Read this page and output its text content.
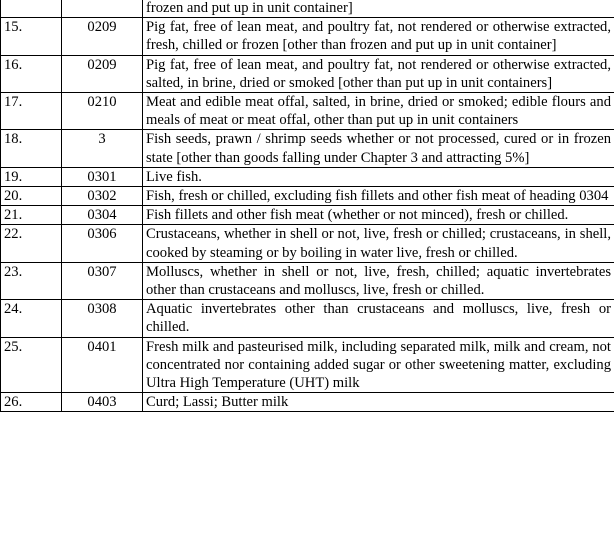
		frozen and put up in unit container]
15.	0209	Pig fat, free of lean meat, and poultry fat, not rendered or otherwise extracted, fresh, chilled or frozen [other than frozen and put up in unit container]
16.	0209	Pig fat, free of lean meat, and poultry fat, not rendered or otherwise extracted, salted, in brine, dried or smoked [other than put up in unit containers]
17.	0210	Meat and edible meat offal, salted, in brine, dried or smoked; edible flours and meals of meat or meat offal, other than put up in unit containers
18.	3	Fish seeds, prawn / shrimp seeds whether or not processed, cured or in frozen state [other than goods falling under Chapter 3 and attracting 5%]
19.	0301	Live fish.
20.	0302	Fish, fresh or chilled, excluding fish fillets and other fish meat of heading 0304
21.	0304	Fish fillets and other fish meat (whether or not minced), fresh or chilled.
22.	0306	Crustaceans, whether in shell or not, live, fresh or chilled; crustaceans, in shell, cooked by steaming or by boiling in water live, fresh or chilled.
23.	0307	Molluscs, whether in shell or not, live, fresh, chilled; aquatic invertebrates other than crustaceans and molluscs, live, fresh or chilled.
24.	0308	Aquatic invertebrates other than crustaceans and molluscs, live, fresh or chilled.
25.	0401	Fresh milk and pasteurised milk, including separated milk, milk and cream, not concentrated nor containing added sugar or other sweetening matter, excluding Ultra High Temperature (UHT) milk
26.	0403	Curd; Lassi; Butter milk
